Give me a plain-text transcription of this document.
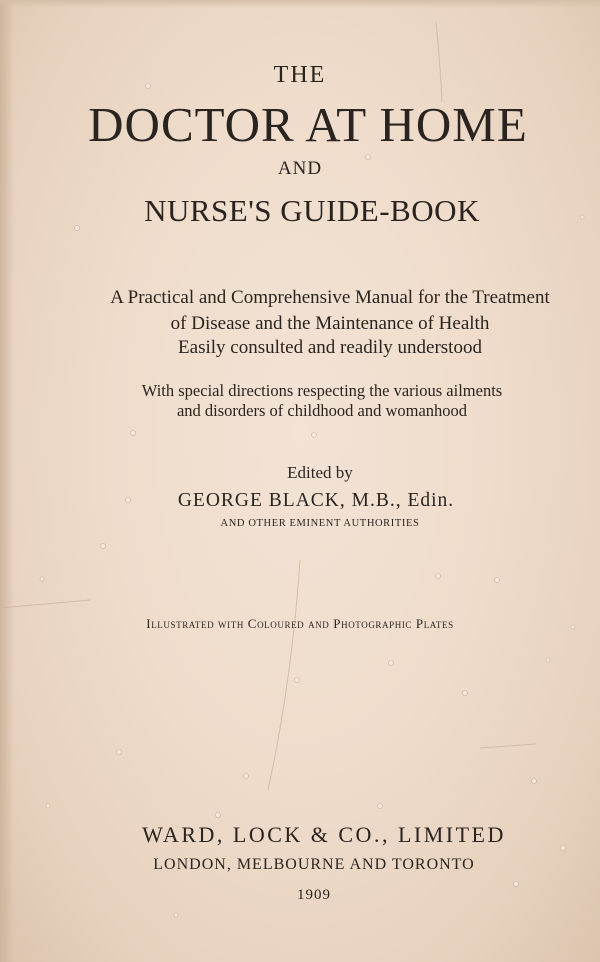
THE
DOCTOR AT HOME
AND
NURSE'S GUIDE-BOOK
A Practical and Comprehensive Manual for the Treatment
of Disease and the Maintenance of Health
Easily consulted and readily understood
With special directions respecting the various ailments
and disorders of childhood and womanhood
Edited by
GEORGE BLACK, M.B., Edin.
AND OTHER EMINENT AUTHORITIES
Illustrated with Coloured and Photographic Plates
WARD, LOCK & CO., LIMITED
LONDON, MELBOURNE AND TORONTO
1909
